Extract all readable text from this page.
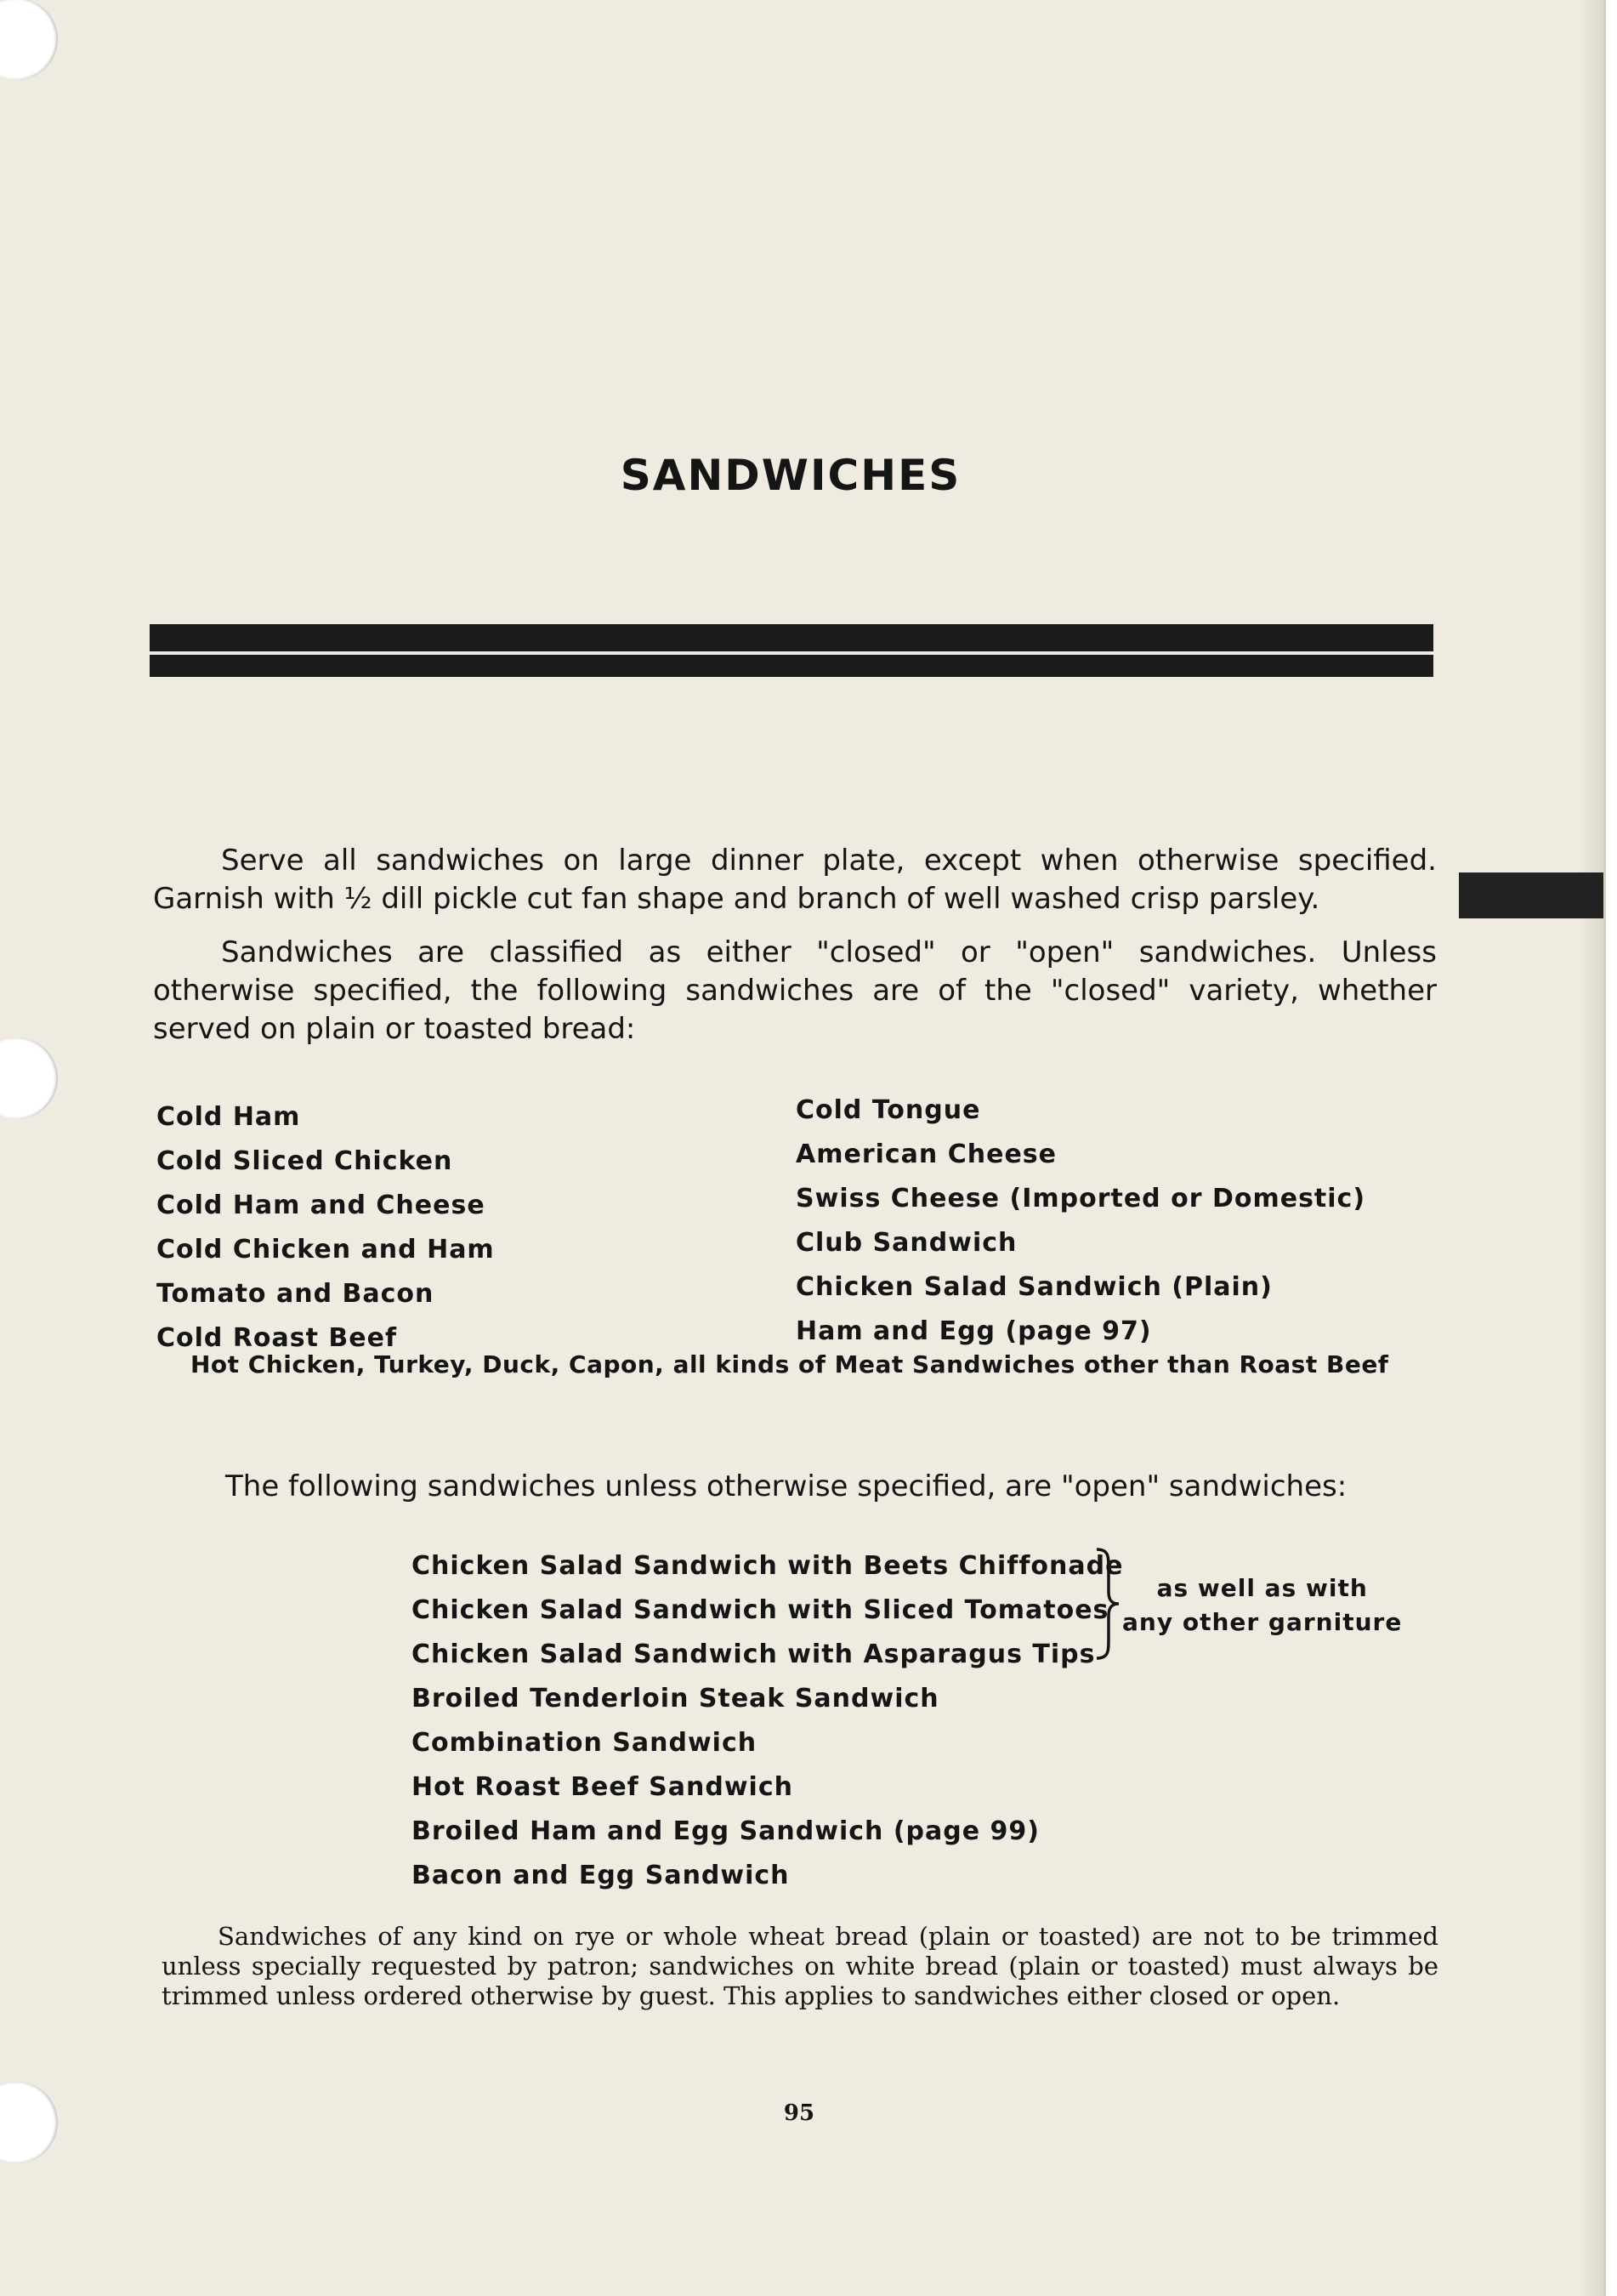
SANDWICHES
Serve all sandwiches on large dinner plate, except when otherwise specified. Garnish with ½ dill pickle cut fan shape and branch of well washed crisp parsley.
Sandwiches are classified as either "closed" or "open" sandwiches. Unless otherwise specified, the following sandwiches are of the "closed" variety, whether served on plain or toasted bread:
Cold Ham
Cold Sliced Chicken
Cold Ham and Cheese
Cold Chicken and Ham
Tomato and Bacon
Cold Roast Beef
Cold Tongue
American Cheese
Swiss Cheese (Imported or Domestic)
Club Sandwich
Chicken Salad Sandwich (Plain)
Ham and Egg (page 97)
Hot Chicken, Turkey, Duck, Capon, all kinds of Meat Sandwiches other than Roast Beef
The following sandwiches unless otherwise specified, are "open" sandwiches:
Chicken Salad Sandwich with Beets Chiffonade
Chicken Salad Sandwich with Sliced Tomatoes
Chicken Salad Sandwich with Asparagus Tips
Broiled Tenderloin Steak Sandwich
Combination Sandwich
Hot Roast Beef Sandwich
Broiled Ham and Egg Sandwich (page 99)
Bacon and Egg Sandwich
as well as with
any other garniture
Sandwiches of any kind on rye or whole wheat bread (plain or toasted) are not to be trimmed unless specially requested by patron; sandwiches on white bread (plain or toasted) must always be trimmed unless ordered otherwise by guest. This applies to sandwiches either closed or open.
95
